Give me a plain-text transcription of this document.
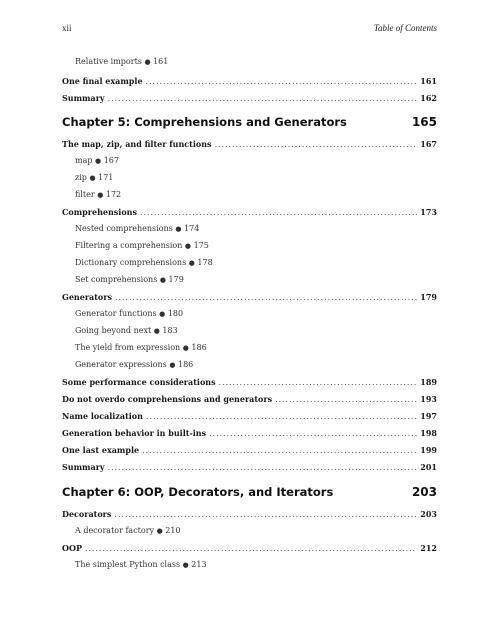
xii	Table of Contents
Relative imports ● 161
One final example . . .	161
Summary . . .	162
Chapter 5: Comprehensions and Generators	165
The map, zip, and filter functions . . .	167
map ● 167
zip ● 171
filter ● 172
Comprehensions . . .	173
Nested comprehensions ● 174
Filtering a comprehension ● 175
Dictionary comprehensions ● 178
Set comprehensions ● 179
Generators . . .	179
Generator functions ● 180
Going beyond next ● 183
The yield from expression ● 186
Generator expressions ● 186
Some performance considerations . . .	189
Do not overdo comprehensions and generators . . .	193
Name localization . . .	197
Generation behavior in built-ins . . .	198
One last example . . .	199
Summary . . .	201
Chapter 6: OOP, Decorators, and Iterators	203
Decorators . . .	203
A decorator factory ● 210
OOP . . .	212
The simplest Python class ● 213
